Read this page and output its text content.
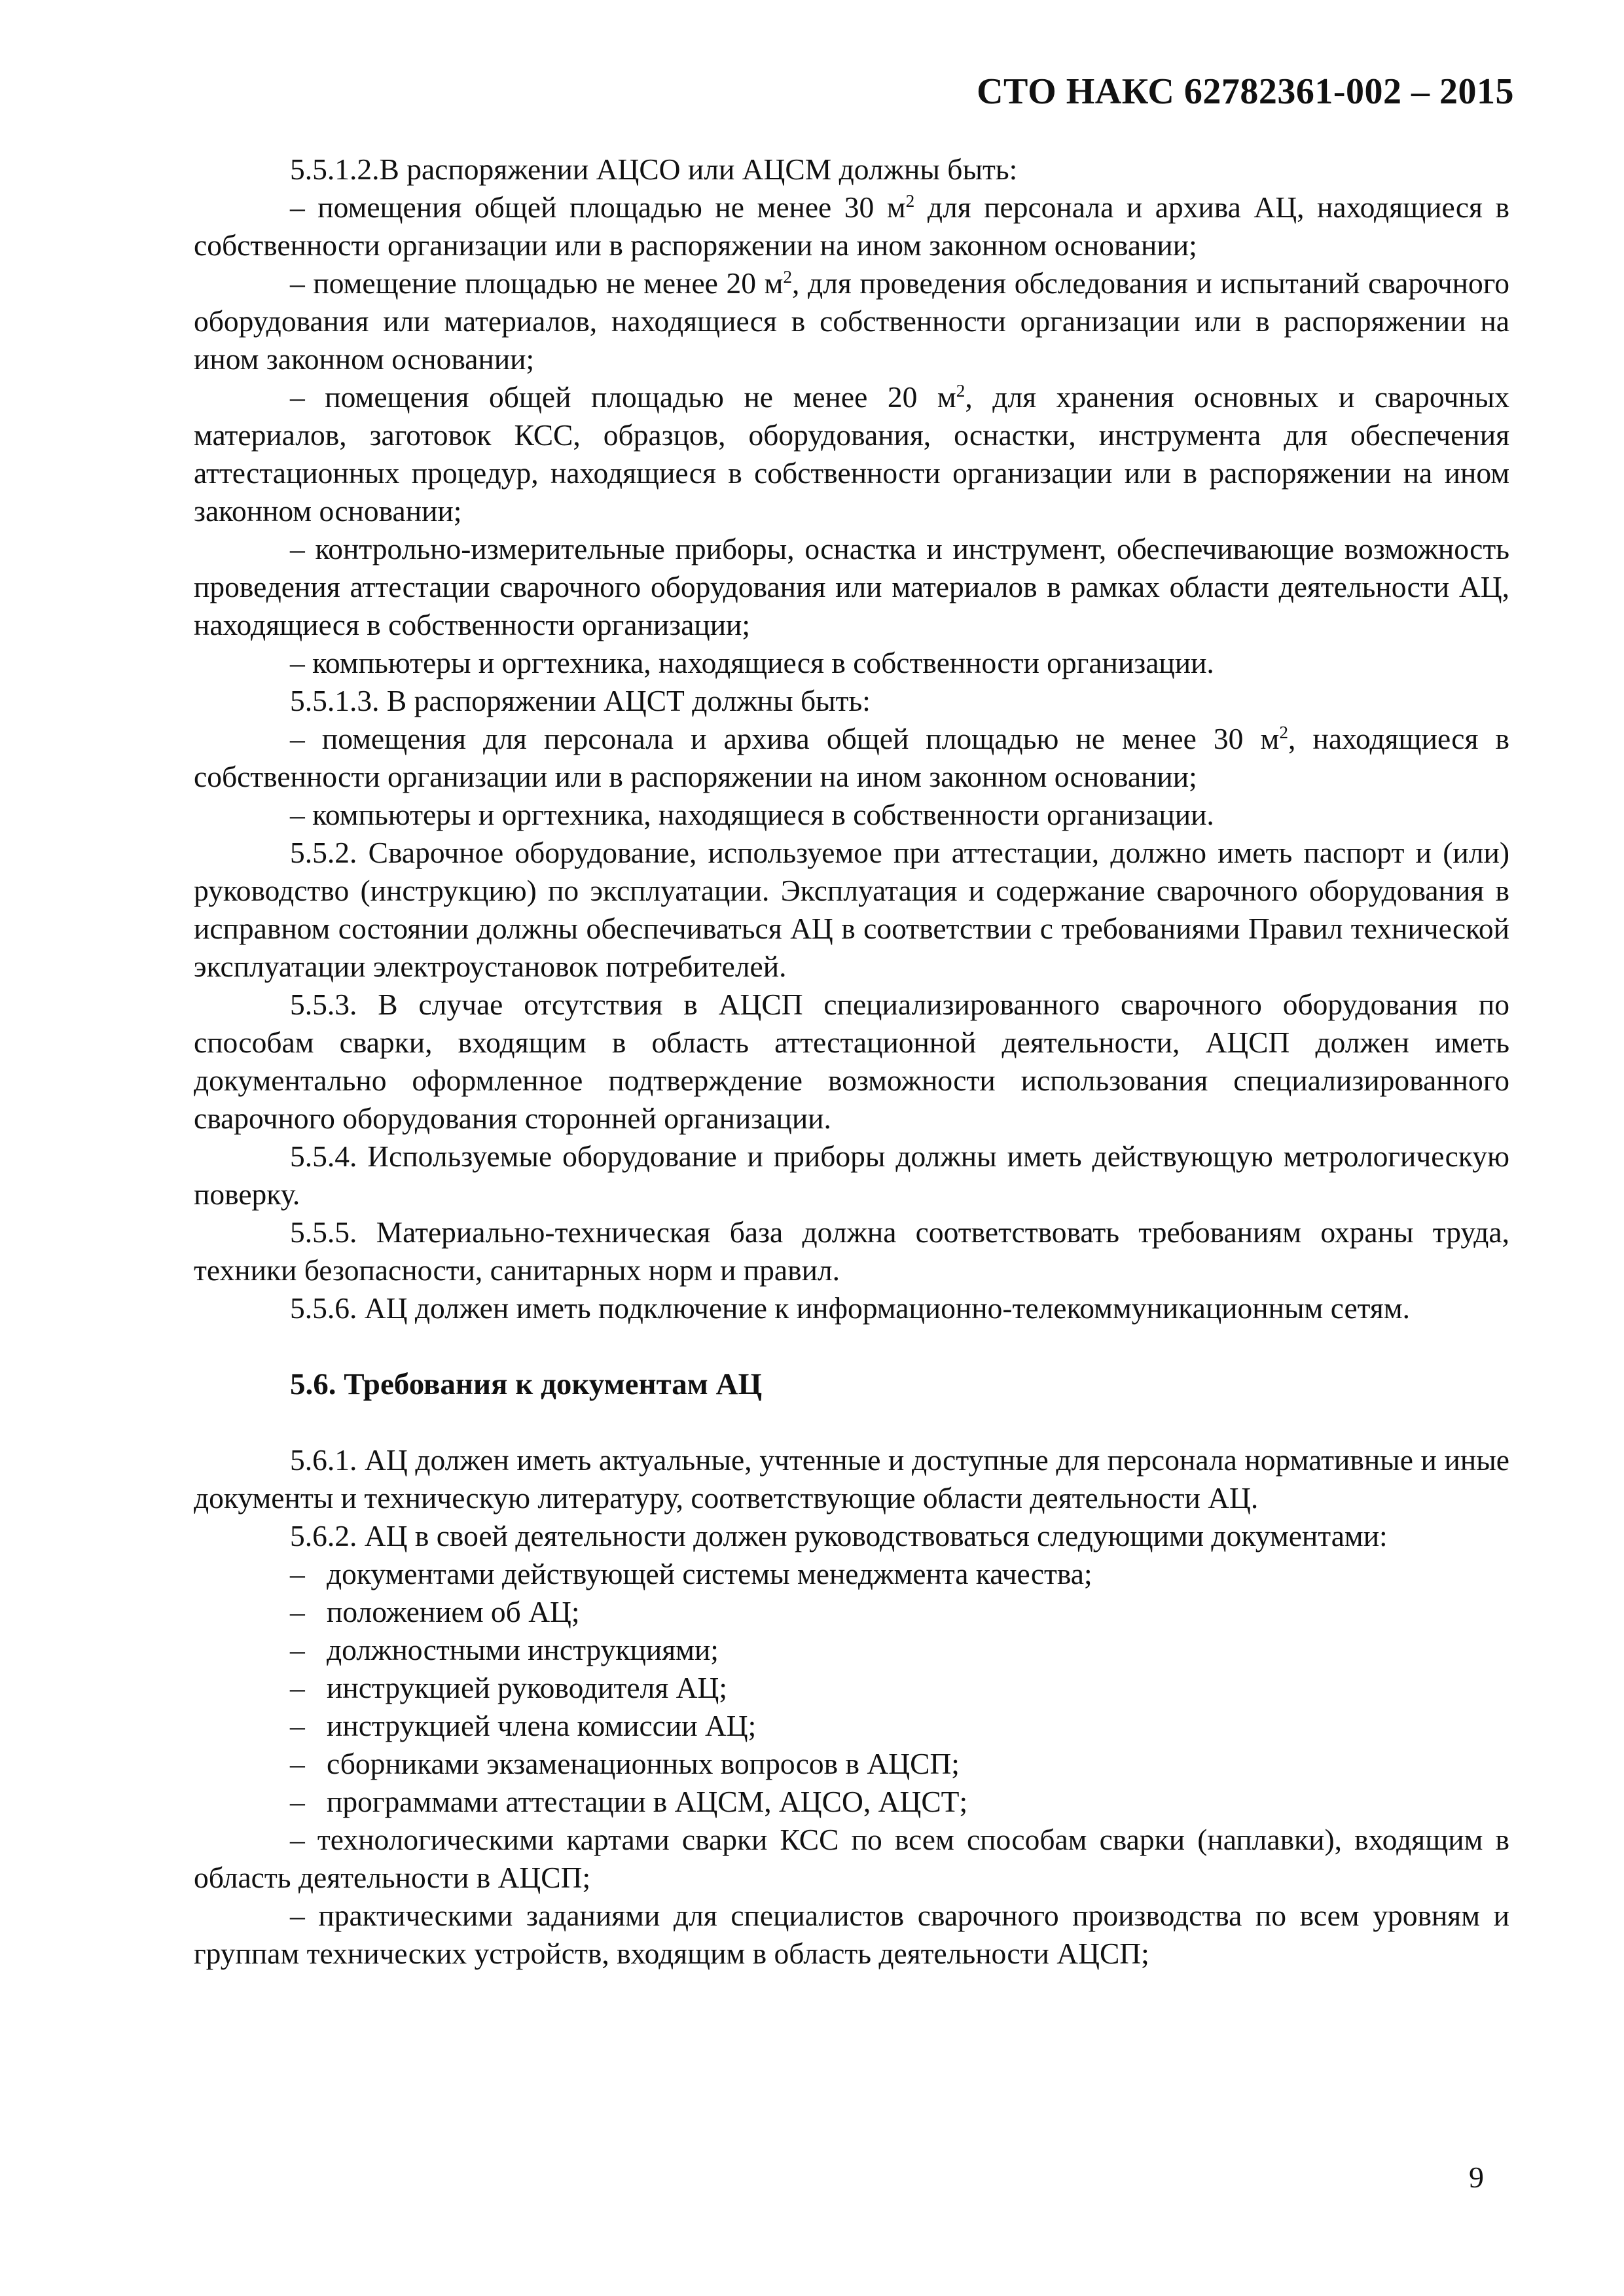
СТО НАКС 62782361-002 – 2015

5.5.1.2.В распоряжении АЦСО или АЦСМ должны быть:

– помещения общей площадью не менее 30 $м^2$ для персонала и архива АЦ, находящиеся в собственности организации или в распоряжении на ином законном основании;

– помещение площадью не менее 20 $м^2$, для проведения обследования и испытаний сварочного оборудования или материалов, находящиеся в собственности организации или в распоряжении на ином законном основании;

– помещения общей площадью не менее 20 $м^2$, для хранения основных и сварочных материалов, заготовок КСС, образцов, оборудования, оснастки, инструмента для обеспечения аттестационных процедур, находящиеся в собственности организации или в распоряжении на ином законном основании;

– контрольно-измерительные приборы, оснастка и инструмент, обеспечивающие возможность проведения аттестации сварочного оборудования или материалов в рамках области деятельности АЦ, находящиеся в собственности организации;

– компьютеры и оргтехника, находящиеся в собственности организации.

5.5.1.3. В распоряжении АЦСТ должны быть:

– помещения для персонала и архива общей площадью не менее 30 $м^2$, находящиеся в собственности организации или в распоряжении на ином законном основании;

– компьютеры и оргтехника, находящиеся в собственности организации.

5.5.2. Сварочное оборудование, используемое при аттестации, должно иметь паспорт и (или) руководство (инструкцию) по эксплуатации. Эксплуатация и содержание сварочного оборудования в исправном состоянии должны обеспечиваться АЦ в соответствии с требованиями Правил технической эксплуатации электроустановок потребителей.

5.5.3. В случае отсутствия в АЦСП специализированного сварочного оборудования по способам сварки, входящим в область аттестационной деятельности, АЦСП должен иметь документально оформленное подтверждение возможности использования специализированного сварочного оборудования сторонней организации.

5.5.4. Используемые оборудование и приборы должны иметь действующую метрологическую поверку.

5.5.5. Материально-техническая база должна соответствовать требованиям охраны труда, техники безопасности, санитарных норм и правил.

5.5.6. АЦ должен иметь подключение к информационно-телекоммуникационным сетям.

5.6. Требования к документам АЦ

5.6.1. АЦ должен иметь актуальные, учтенные и доступные для персонала нормативные и иные документы и техническую литературу, соответствующие области деятельности АЦ.

5.6.2. АЦ в своей деятельности должен руководствоваться следующими документами:

– документами действующей системы менеджмента качества;
– положением об АЦ;
– должностными инструкциями;
– инструкцией руководителя АЦ;
– инструкцией члена комиссии АЦ;
– сборниками экзаменационных вопросов в АЦСП;
– программами аттестации в АЦСМ, АЦСО, АЦСТ;

– технологическими картами сварки КСС по всем способам сварки (наплавки), входящим в область деятельности в АЦСП;

– практическими заданиями для специалистов сварочного производства по всем уровням и группам технических устройств, входящим в область деятельности АЦСП;

9
